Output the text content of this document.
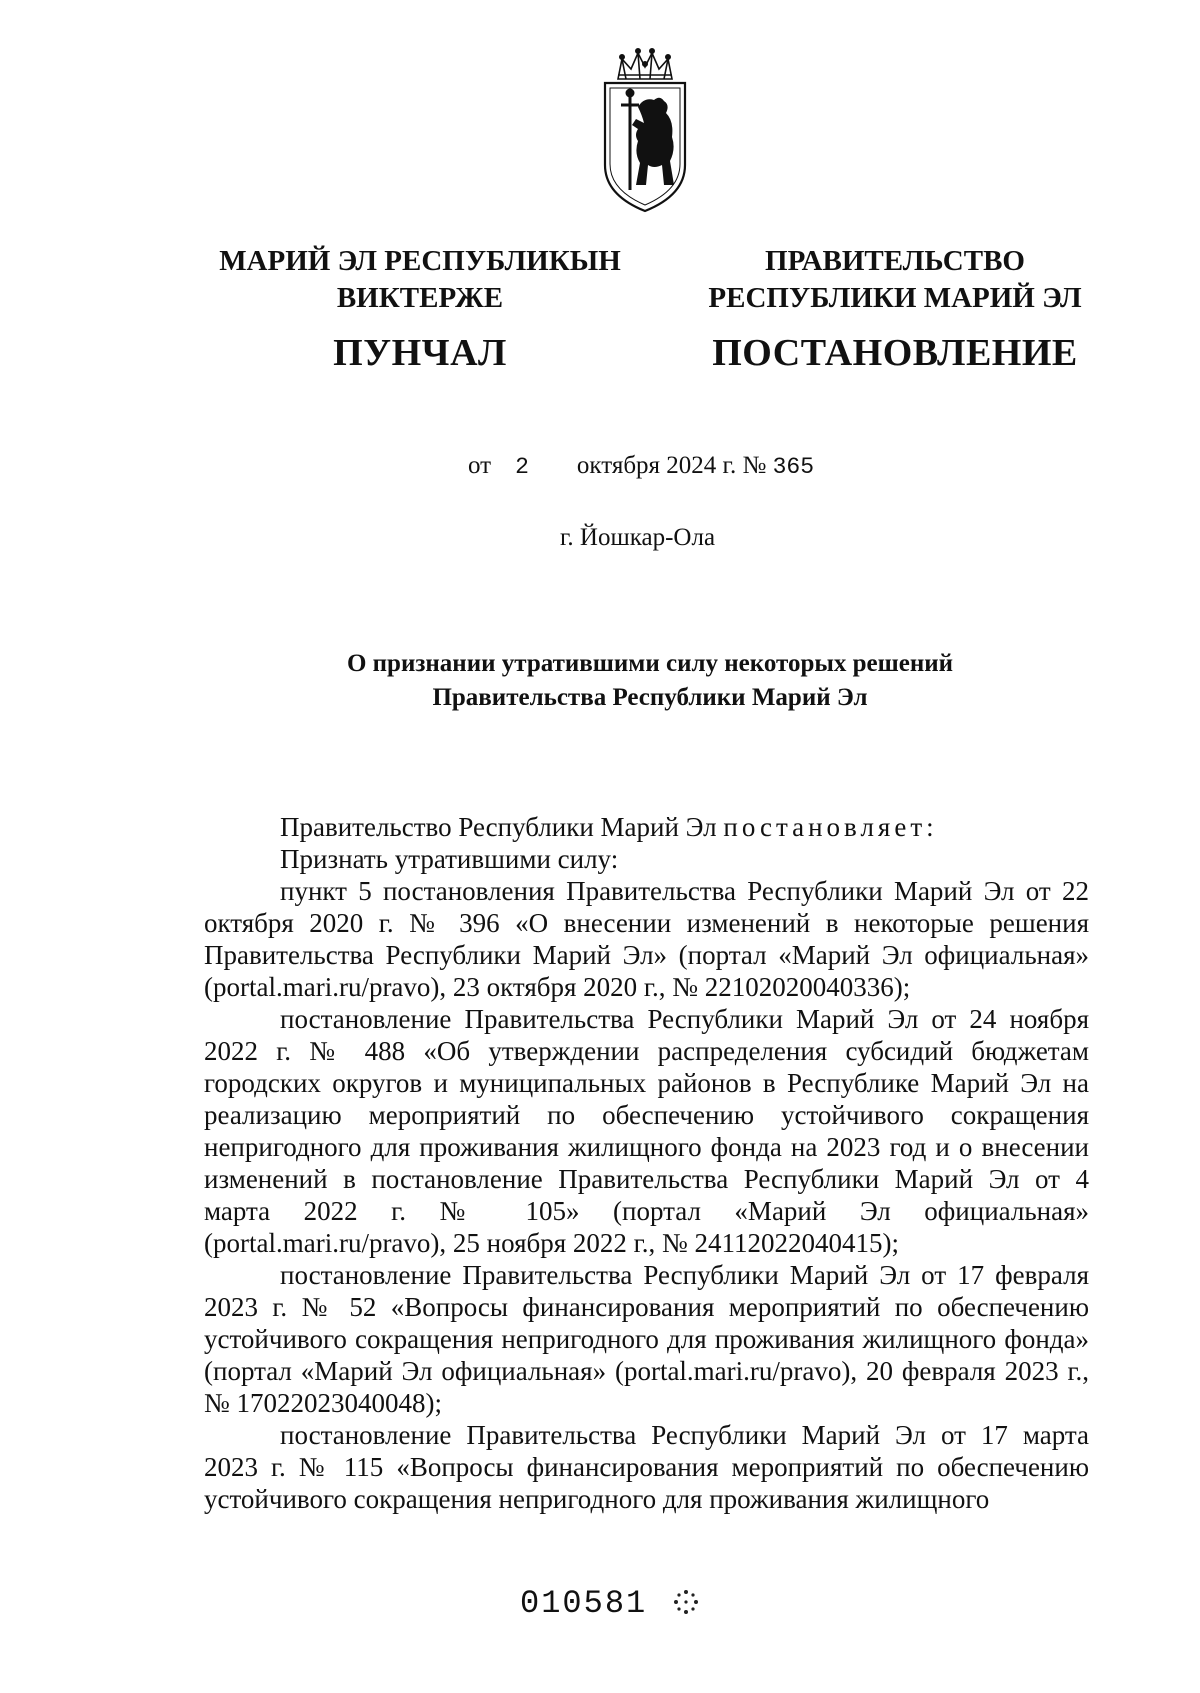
МАРИЙ ЭЛ РЕСПУБЛИКЫН
ВИКТЕРЖЕ
ПУНЧАЛ
ПРАВИТЕЛЬСТВО
РЕСПУБЛИКИ МАРИЙ ЭЛ
ПОСТАНОВЛЕНИЕ
от 2 октября 2024 г. № 365
г. Йошкар-Ола
О признании утратившими силу некоторых решений
Правительства Республики Марий Эл

Правительство Республики Марий Эл постановляет:

Признать утратившими силу:

пункт 5 постановления Правительства Республики Марий Эл от 22 октября 2020 г. № 396 «О внесении изменений в некоторые решения Правительства Республики Марий Эл» (портал «Марий Эл официальная» (portal.mari.ru/pravo), 23 октября 2020 г., № 22102020040336);

постановление Правительства Республики Марий Эл от 24 ноября 2022 г. № 488 «Об утверждении распределения субсидий бюджетам городских округов и муниципальных районов в Республике Марий Эл на реализацию мероприятий по обеспечению устойчивого сокращения непригодного для проживания жилищного фонда на 2023 год и о внесении изменений в постановление Правительства Республики Марий Эл от 4 марта 2022 г. № 105» (портал «Марий Эл официальная» (portal.mari.ru/pravo), 25 ноября 2022 г., № 24112022040415);

постановление Правительства Республики Марий Эл от 17 февраля 2023 г. № 52 «Вопросы финансирования мероприятий по обеспечению устойчивого сокращения непригодного для проживания жилищного фонда» (портал «Марий Эл официальная» (portal.mari.ru/pravo), 20 февраля 2023 г., № 17022023040048);

постановление Правительства Республики Марий Эл от 17 марта 2023 г. № 115 «Вопросы финансирования мероприятий по обеспечению устойчивого сокращения непригодного для проживания жилищного

010581
